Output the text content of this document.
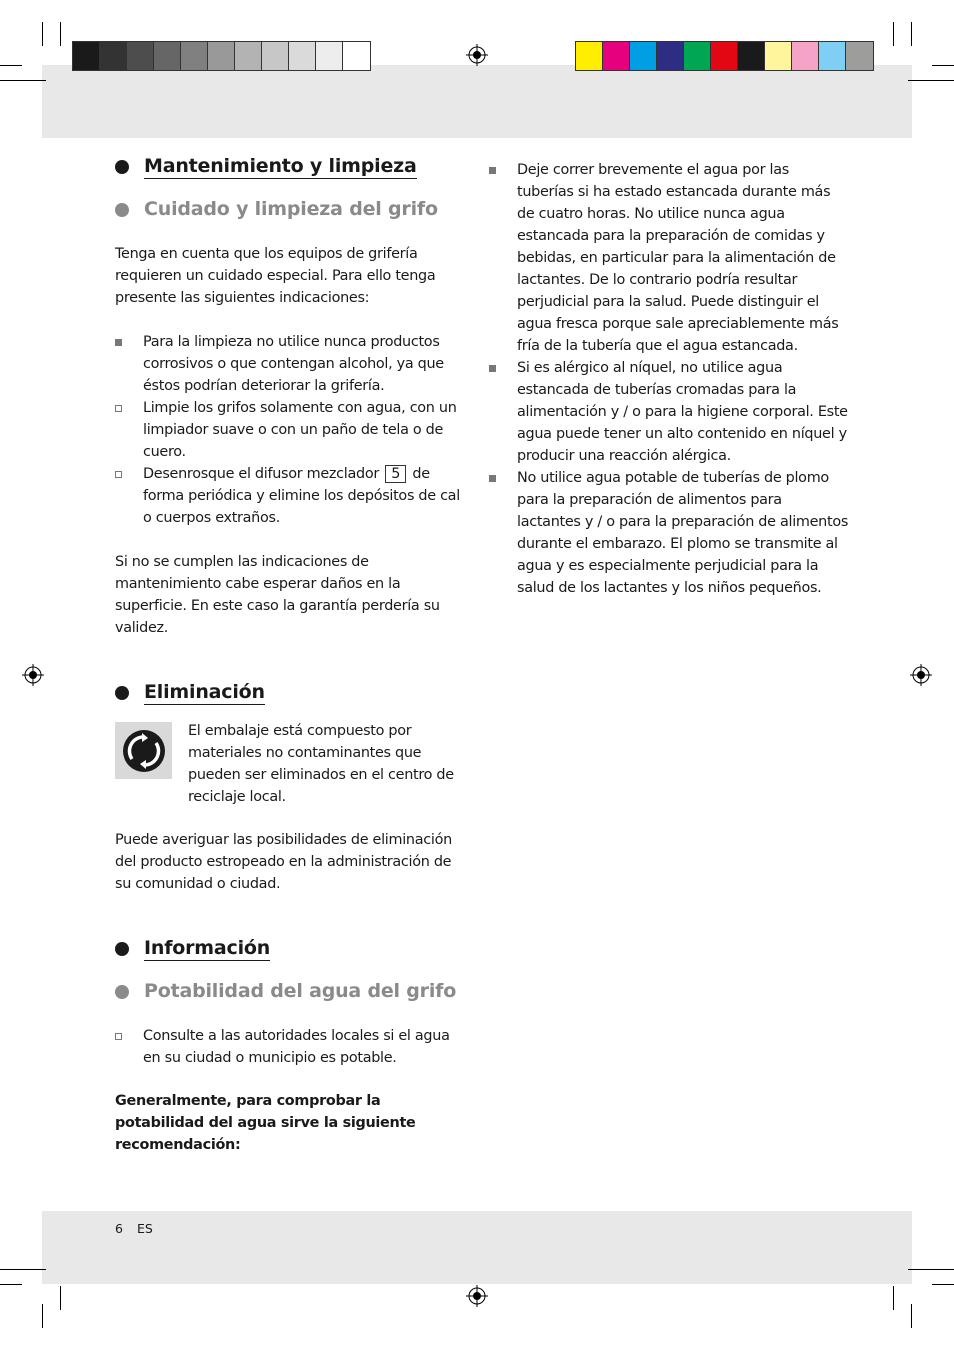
Mantenimiento y limpieza
Cuidado y limpieza del grifo

Tenga en cuenta que los equipos de grifería requieren un cuidado especial. Para ello tenga presente las siguientes indicaciones:

Para la limpieza no utilice nunca productos corrosivos o que contengan alcohol, ya que éstos podrían deteriorar la grifería.
Limpie los grifos solamente con agua, con un limpiador suave o con un paño de tela o de cuero.
Desenrosque el difusor mezclador 5 de forma periódica y elimine los depósitos de cal o cuerpos extraños.

Si no se cumplen las indicaciones de mantenimiento cabe esperar daños en la superficie. En este caso la garantía perdería su validez.

Eliminación

El embalaje está compuesto por materiales no contaminantes que pueden ser eliminados en el centro de reciclaje local.

Puede averiguar las posibilidades de eliminación del producto estropeado en la administración de su comunidad o ciudad.

Información
Potabilidad del agua del grifo
Consulte a las autoridades locales si el agua en su ciudad o municipio es potable.

Generalmente, para comprobar la potabilidad del agua sirve la siguiente recomendación:

Deje correr brevemente el agua por las tuberías si ha estado estancada durante más de cuatro horas. No utilice nunca agua estancada para la preparación de comidas y bebidas, en particular para la alimentación de lactantes. De lo contrario podría resultar perjudicial para la salud. Puede distinguir el agua fresca porque sale apreciablemente más fría de la tubería que el agua estancada.
Si es alérgico al níquel, no utilice agua estancada de tuberías cromadas para la alimentación y / o para la higiene corporal. Este agua puede tener un alto contenido en níquel y producir una reacción alérgica.
No utilice agua potable de tuberías de plomo para la preparación de alimentos para lactantes y / o para la preparación de alimentos durante el embarazo. El plomo se transmite al agua y es especialmente perjudicial para la salud de los lactantes y los niños pequeños.
6 ES
